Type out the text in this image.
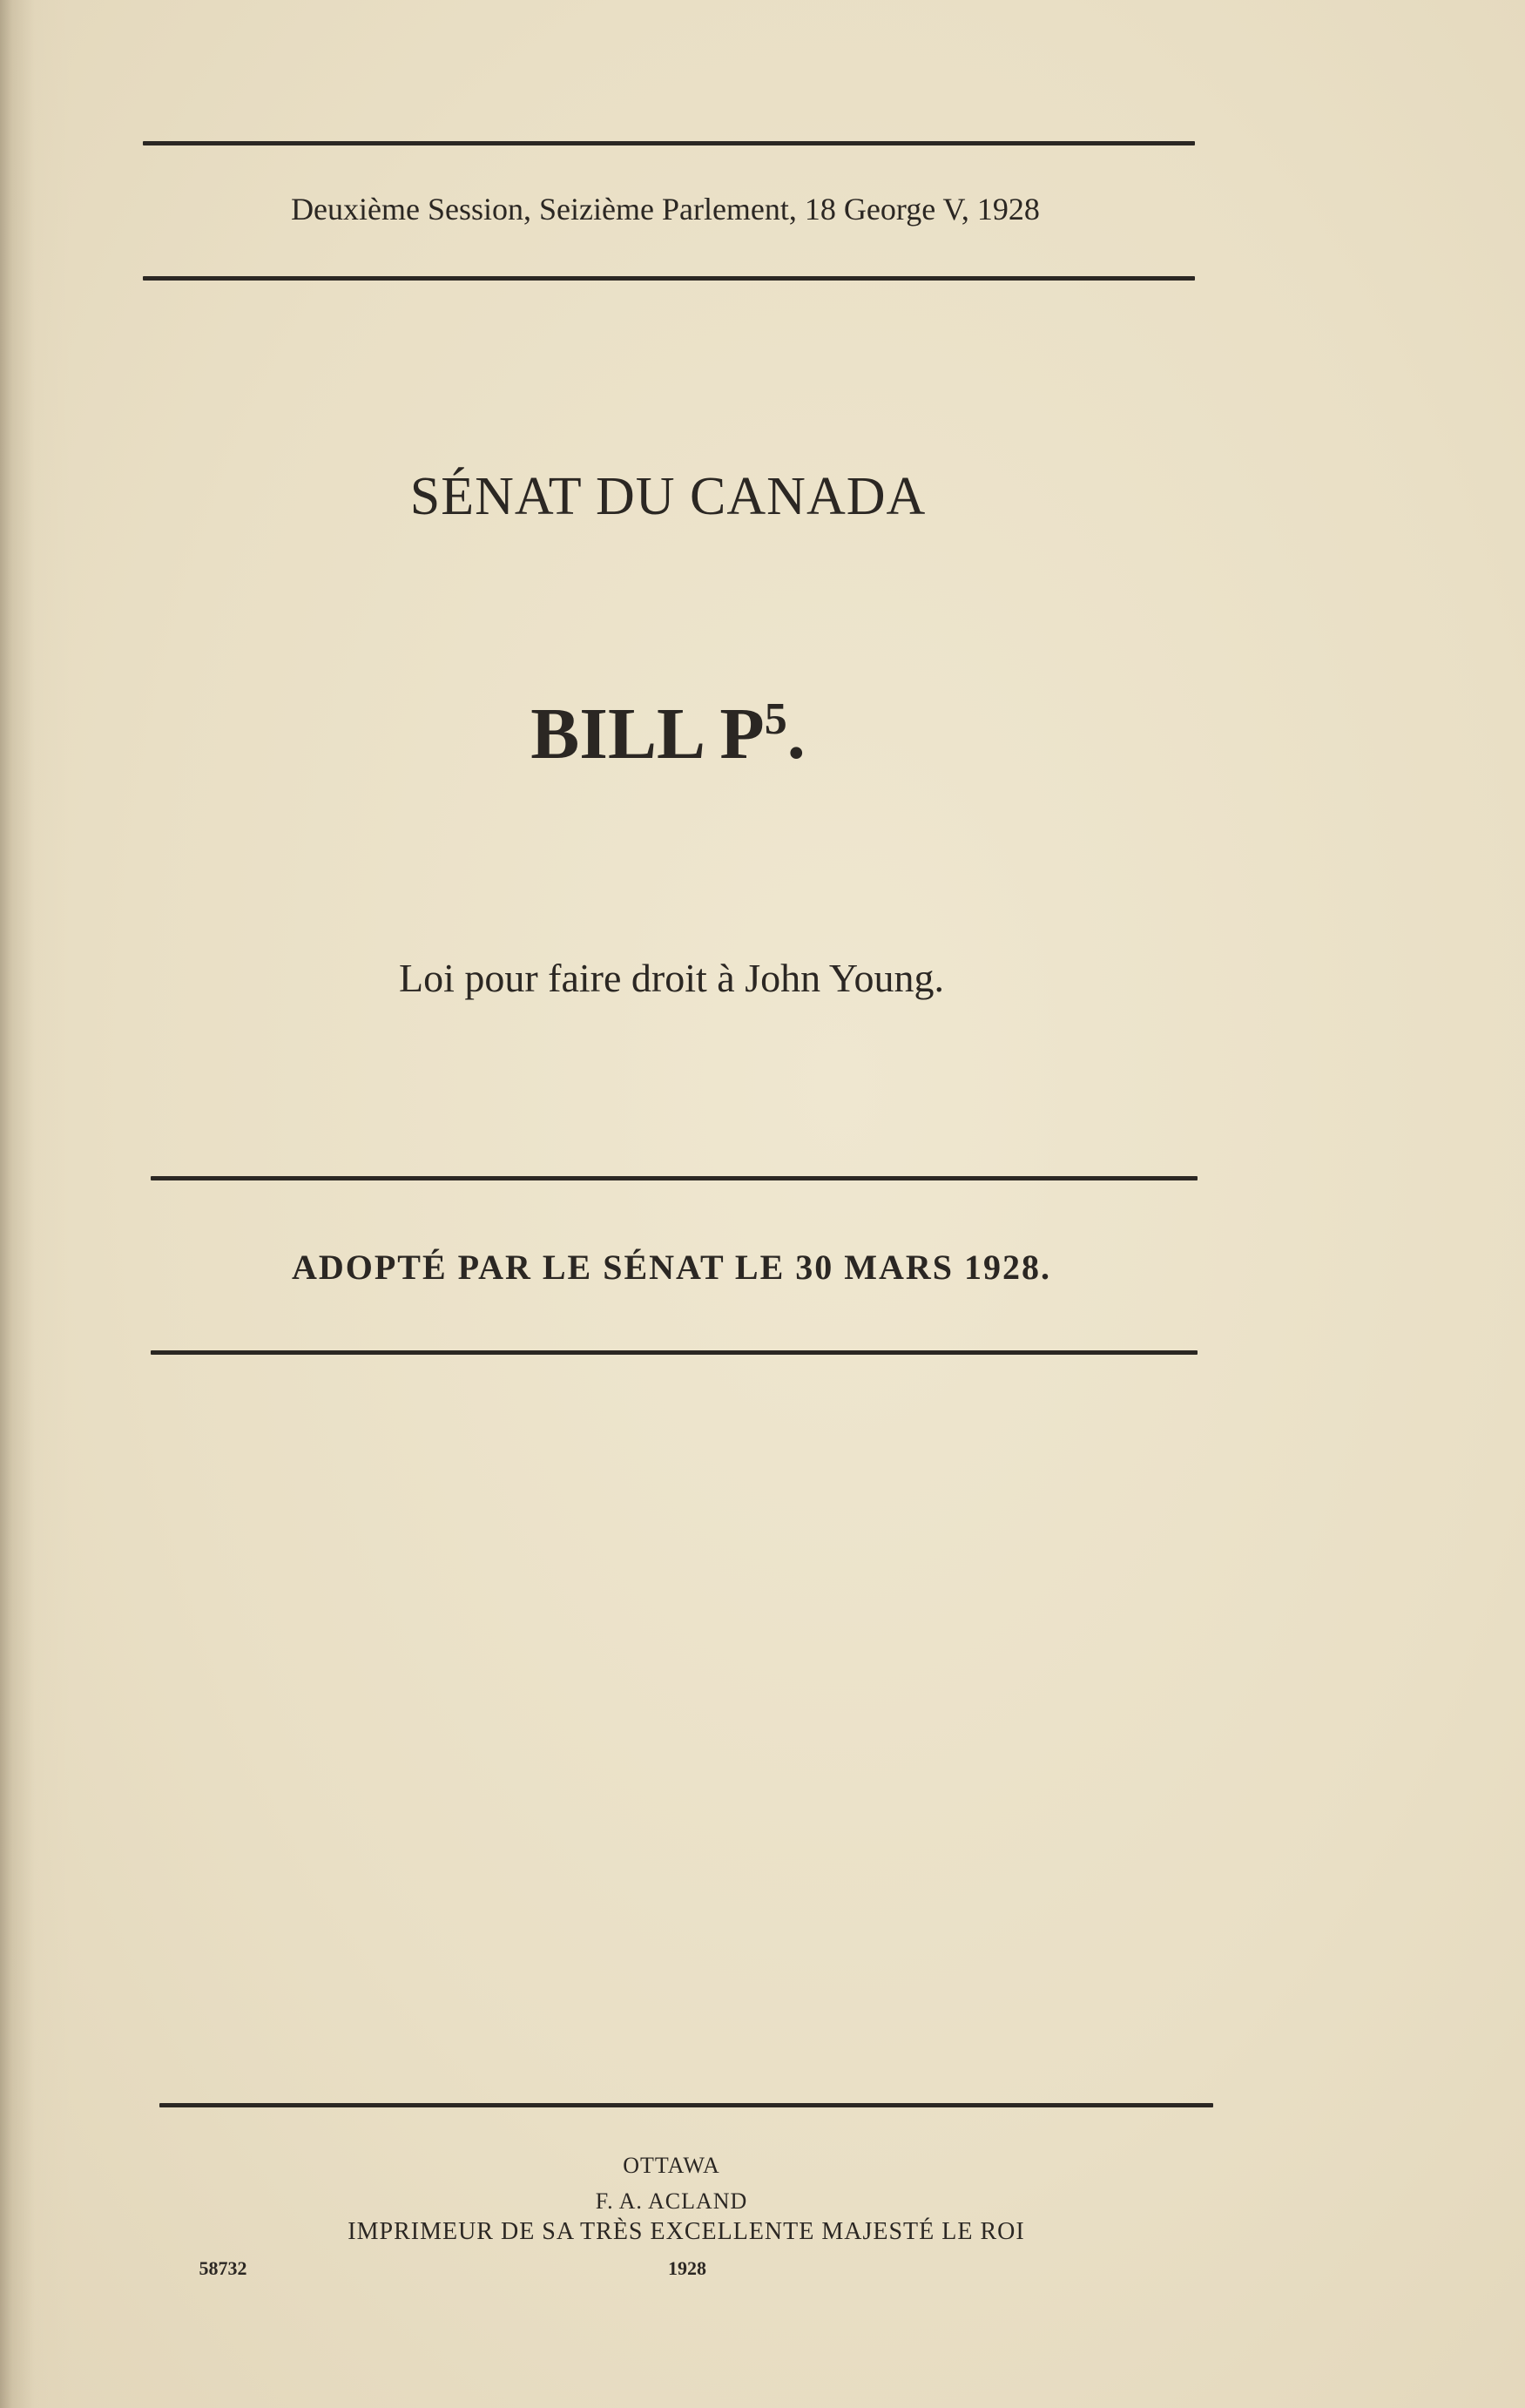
Deuxième Session, Seizième Parlement, 18 George V, 1928
SÉNAT DU CANADA
BILL $P^5$.
Loi pour faire droit à John Young.
ADOPTÉ PAR LE SÉNAT LE 30 MARS 1928.
OTTAWA
F. A. ACLAND
IMPRIMEUR DE SA TRÈS EXCELLENTE MAJESTÉ LE ROI
58732	1928
